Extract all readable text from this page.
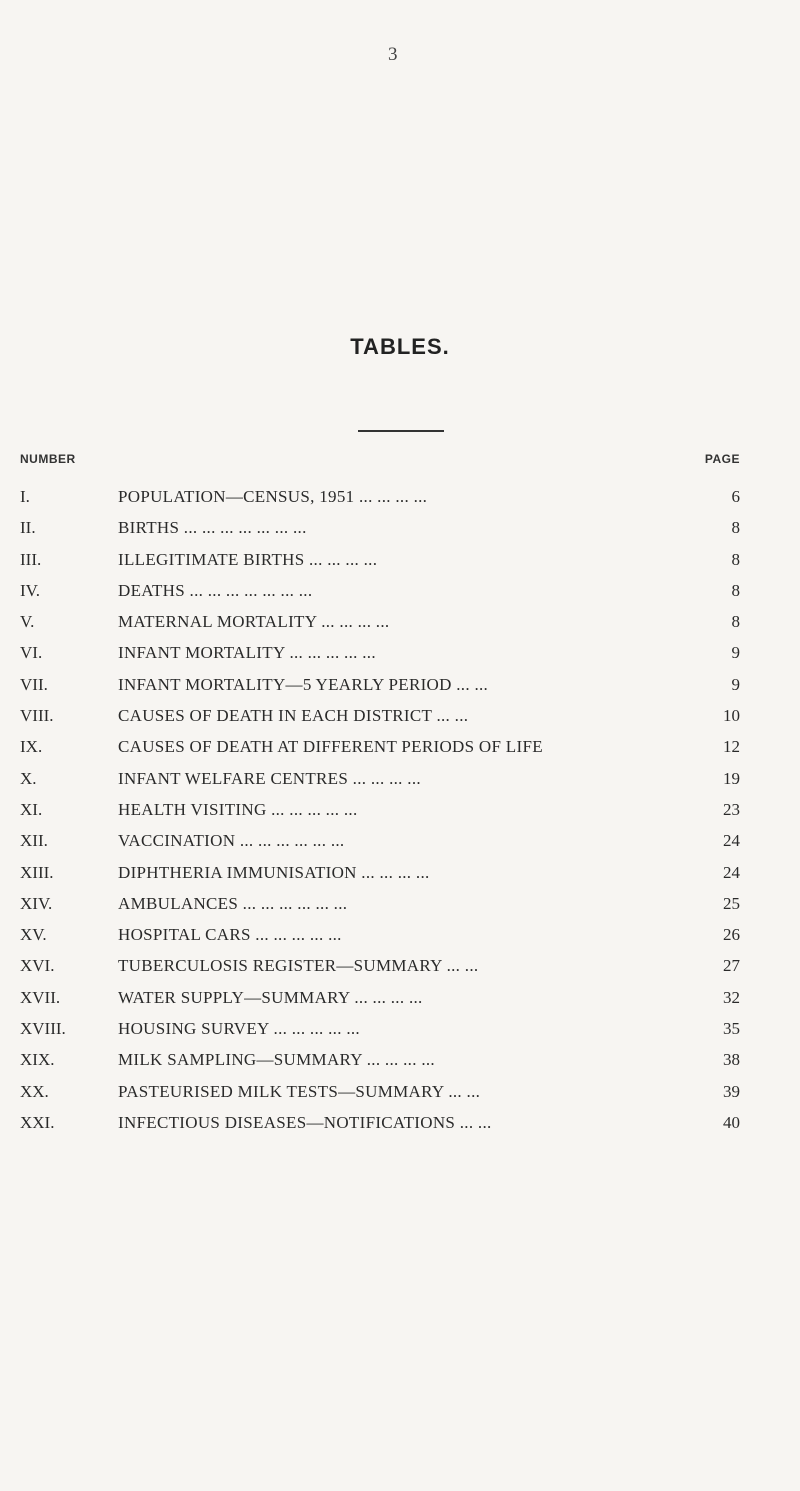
3
TABLES.
NUMBER	PAGE
I.	POPULATION—CENSUS, 1951 ... ... ... ...	6
II.	BIRTHS ... ... ... ... ... ... ...	8
III.	ILLEGITIMATE BIRTHS ... ... ... ...	8
IV.	DEATHS ... ... ... ... ... ... ...	8
V.	MATERNAL MORTALITY ... ... ... ...	8
VI.	INFANT MORTALITY ... ... ... ... ...	9
VII.	INFANT MORTALITY—5 YEARLY PERIOD ... ...	9
VIII.	CAUSES OF DEATH IN EACH DISTRICT ... ...	10
IX.	CAUSES OF DEATH AT DIFFERENT PERIODS OF LIFE	12
X.	INFANT WELFARE CENTRES ... ... ... ...	19
XI.	HEALTH VISITING ... ... ... ... ...	23
XII.	VACCINATION ... ... ... ... ... ...	24
XIII.	DIPHTHERIA IMMUNISATION ... ... ... ...	24
XIV.	AMBULANCES ... ... ... ... ... ...	25
XV.	HOSPITAL CARS ... ... ... ... ...	26
XVI.	TUBERCULOSIS REGISTER—SUMMARY ... ...	27
XVII.	WATER SUPPLY—SUMMARY ... ... ... ...	32
XVIII.	HOUSING SURVEY ... ... ... ... ...	35
XIX.	MILK SAMPLING—SUMMARY ... ... ... ...	38
XX.	PASTEURISED MILK TESTS—SUMMARY ... ...	39
XXI.	INFECTIOUS DISEASES—NOTIFICATIONS ... ...	40
